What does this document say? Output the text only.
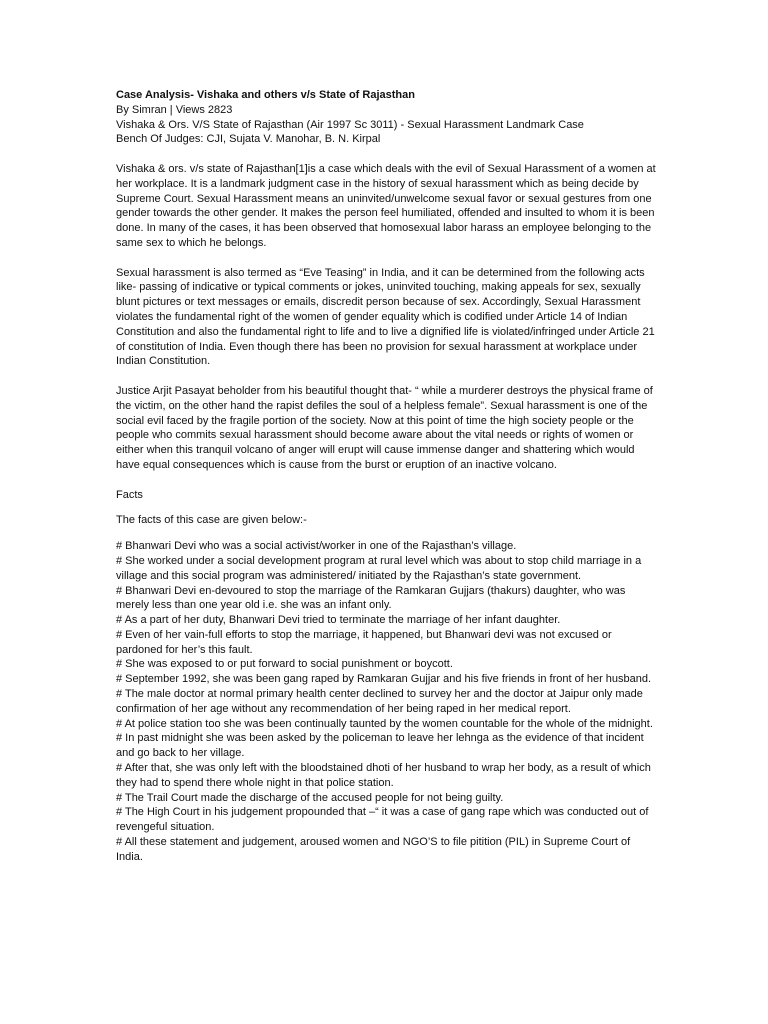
Case Analysis- Vishaka and others v/s State of Rajasthan

By Simran | Views 2823

Vishaka & Ors. V/S State of Rajasthan (Air 1997 Sc 3011) - Sexual Harassment Landmark Case

Bench Of Judges: CJI, Sujata V. Manohar, B. N. Kirpal

Vishaka & ors. v/s state of Rajasthan[1]is a case which deals with the evil of Sexual Harassment of a women at her workplace. It is a landmark judgment case in the history of sexual harassment which as being decide by Supreme Court. Sexual Harassment means an uninvited/unwelcome sexual favor or sexual gestures from one gender towards the other gender. It makes the person feel humiliated, offended and insulted to whom it is been done. In many of the cases, it has been observed that homosexual labor harass an employee belonging to the same sex to which he belongs.

Sexual harassment is also termed as “Eve Teasing” in India, and it can be determined from the following acts like- passing of indicative or typical comments or jokes, uninvited touching, making appeals for sex, sexually blunt pictures or text messages or emails, discredit person because of sex. Accordingly, Sexual Harassment violates the fundamental right of the women of gender equality which is codified under Article 14 of Indian Constitution and also the fundamental right to life and to live a dignified life is violated/infringed under Article 21 of constitution of India. Even though there has been no provision for sexual harassment at workplace under Indian Constitution.

Justice Arjit Pasayat beholder from his beautiful thought that- “ while a murderer destroys the physical frame of the victim, on the other hand the rapist defiles the soul of a helpless female”. Sexual harassment is one of the social evil faced by the fragile portion of the society. Now at this point of time the high society people or the people who commits sexual harassment should become aware about the vital needs or rights of women or either when this tranquil volcano of anger will erupt will cause immense danger and shattering which would have equal consequences which is cause from the burst or eruption of an inactive volcano.

Facts

The facts of this case are given below:-

# Bhanwari Devi who was a social activist/worker in one of the Rajasthan’s village.

# She worked under a social development program at rural level which was about to stop child marriage in a village and this social program was administered/ initiated by the Rajasthan’s state government.

# Bhanwari Devi en-devoured to stop the marriage of the Ramkaran Gujjars (thakurs) daughter, who was merely less than one year old i.e. she was an infant only.

# As a part of her duty, Bhanwari Devi tried to terminate the marriage of her infant daughter.

# Even of her vain-full efforts to stop the marriage, it happened, but Bhanwari devi was not excused or pardoned for her’s this fault.

# She was exposed to or put forward to social punishment or boycott.

# September 1992, she was been gang raped by Ramkaran Gujjar and his five friends in front of her husband.

# The male doctor at normal primary health center declined to survey her and the doctor at Jaipur only made confirmation of her age without any recommendation of her being raped in her medical report.

# At police station too she was been continually taunted by the women countable for the whole of the midnight.

# In past midnight she was been asked by the policeman to leave her lehnga as the evidence of that incident and go back to her village.

# After that, she was only left with the bloodstained dhoti of her husband to wrap her body, as a result of which they had to spend there whole night in that police station.

# The Trail Court made the discharge of the accused people for not being guilty.

# The High Court in his judgement propounded that –“ it was a case of gang rape which was conducted out of revengeful situation.

# All these statement and judgement, aroused women and NGO’S to file pitition (PIL) in Supreme Court of India.
